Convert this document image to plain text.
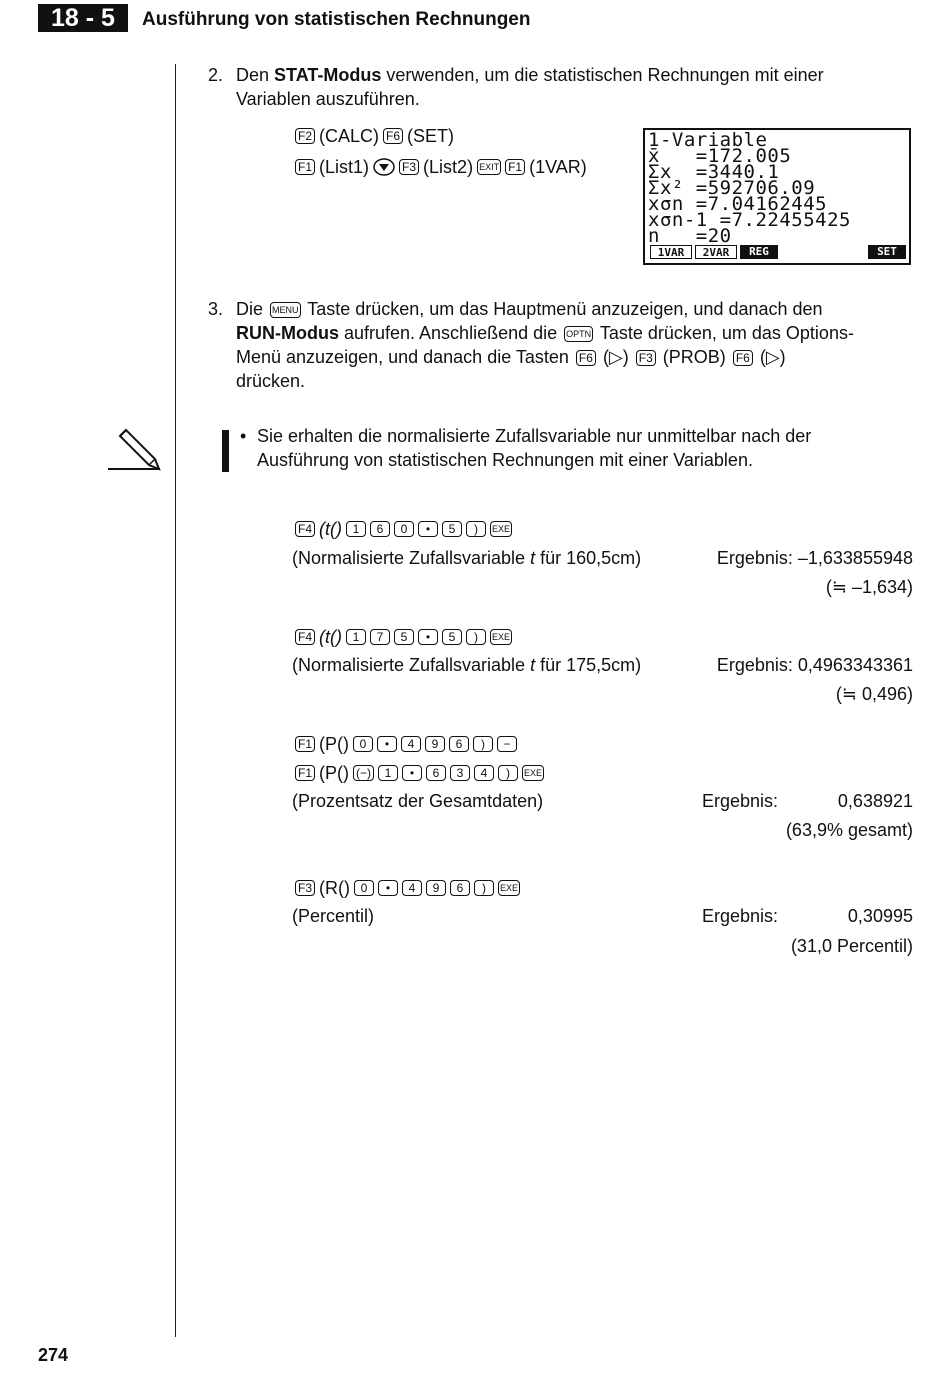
18 - 5	Ausführung von statistischen Rechnungen
2. Den STAT-Modus verwenden, um die statistischen Rechnungen mit einer
Variablen auszuführen.
F2 (CALC) F6 (SET)
F1 (List1)	F3 (List2) EXIT F1 (1VAR)
1-Variable
x̄   =172.005
Σx  =3440.1
Σx² =592706.09
xσn =7.04162445
xσn-1 =7.22455425
n   =20
1VAR	2VAR	REG	SET
3. Die MENU Taste drücken, um das Hauptmenü anzuzeigen, und danach den
RUN-Modus aufrufen. Anschließend die OPTN Taste drücken, um das Options-
Menü anzuzeigen, und danach die Tasten F6 (▷) F3 (PROB) F6 (▷)
drücken.
• Sie erhalten die normalisierte Zufallsvariable nur unmittelbar nach der
Ausführung von statistischen Rechnungen mit einer Variablen.
F4 (t() 1	6	0	•	5	)	EXE
(Normalisierte Zufallsvariable t für 160,5cm)	Ergebnis: –1,633855948
(≒ –1,634)
F4 (t() 1	7	5	•	5	)	EXE
(Normalisierte Zufallsvariable t für 175,5cm)	Ergebnis: 0,4963343361
(≒ 0,496)
F1 (P() 0	•	4	9	6	)	−
F1 (P() (−)	1	•	6	3	4	)	EXE
(Prozentsatz der Gesamtdaten)	Ergebnis:	0,638921
(63,9% gesamt)
F3 (R() 0	•	4	9	6	)	EXE
(Percentil)	Ergebnis:	0,30995
(31,0 Percentil)
274
